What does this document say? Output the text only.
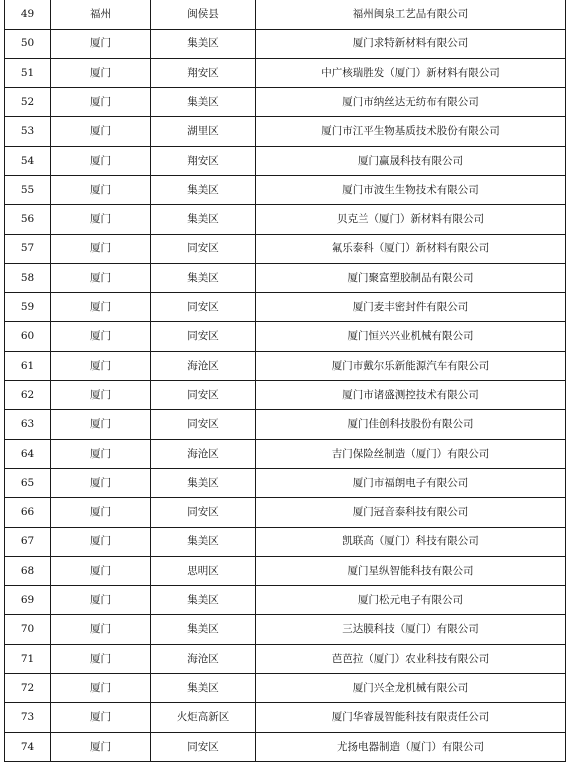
49	福州	闽侯县	福州闽泉工艺品有限公司
50	厦门	集美区	厦门求特新材料有限公司
51	厦门	翔安区	中广核瑞胜发（厦门）新材料有限公司
52	厦门	集美区	厦门市纳丝达无纺布有限公司
53	厦门	湖里区	厦门市江平生物基质技术股份有限公司
54	厦门	翔安区	厦门赢晟科技有限公司
55	厦门	集美区	厦门市波生生物技术有限公司
56	厦门	集美区	贝克兰（厦门）新材料有限公司
57	厦门	同安区	氟乐泰科（厦门）新材料有限公司
58	厦门	集美区	厦门聚富塑胶制品有限公司
59	厦门	同安区	厦门麦丰密封件有限公司
60	厦门	同安区	厦门恒兴兴业机械有限公司
61	厦门	海沧区	厦门市戴尔乐新能源汽车有限公司
62	厦门	同安区	厦门市诸盛测控技术有限公司
63	厦门	同安区	厦门佳创科技股份有限公司
64	厦门	海沧区	吉门保险丝制造（厦门）有限公司
65	厦门	集美区	厦门市福朗电子有限公司
66	厦门	同安区	厦门冠音泰科技有限公司
67	厦门	集美区	凯联高（厦门）科技有限公司
68	厦门	思明区	厦门星纵智能科技有限公司
69	厦门	集美区	厦门松元电子有限公司
70	厦门	集美区	三达膜科技（厦门）有限公司
71	厦门	海沧区	芭芭拉（厦门）农业科技有限公司
72	厦门	集美区	厦门兴全龙机械有限公司
73	厦门	火炬高新区	厦门华睿晟智能科技有限责任公司
74	厦门	同安区	尤扬电器制造（厦门）有限公司
